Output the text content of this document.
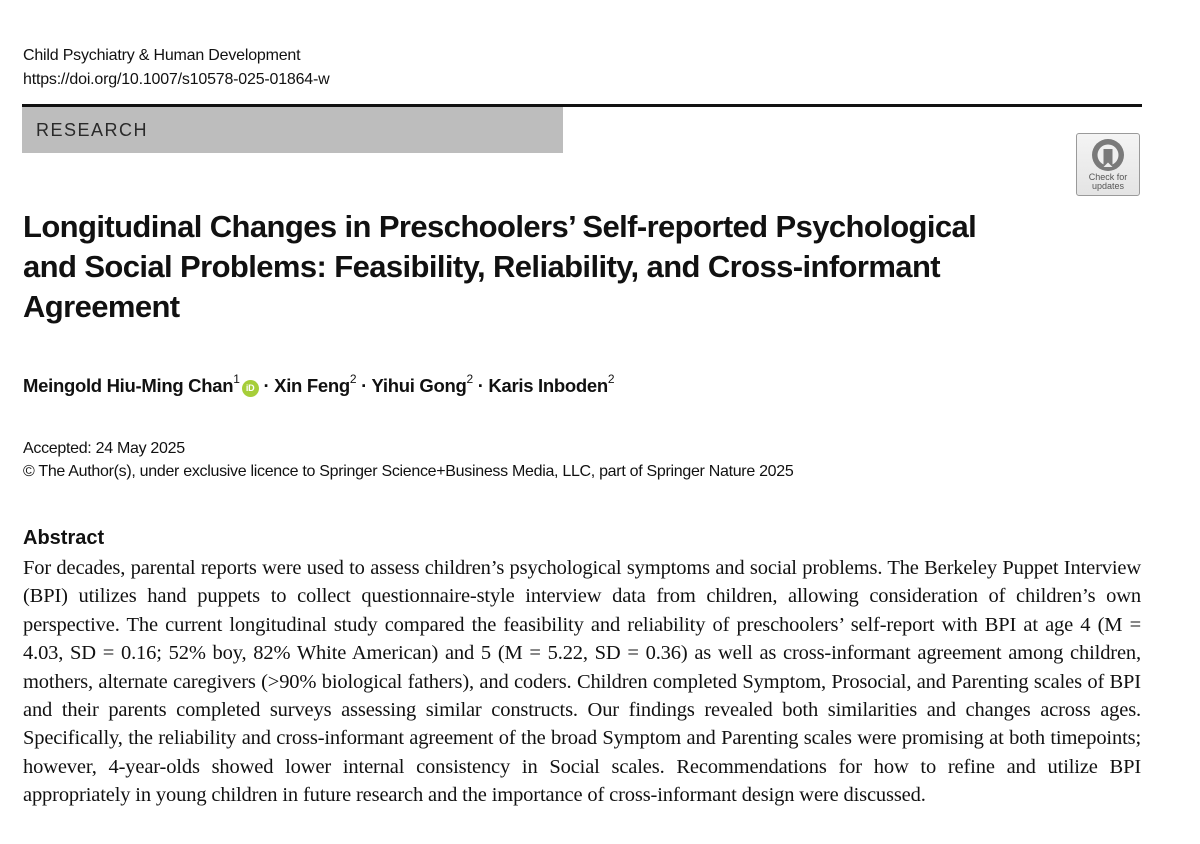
Child Psychiatry & Human Development
https://doi.org/10.1007/s10578-025-01864-w
RESEARCH
Check for
updates
Longitudinal Changes in Preschoolers’ Self-reported Psychological and Social Problems: Feasibility, Reliability, and Cross-informant Agreement
Meingold Hiu-Ming Chan$^1$iD · Xin Feng$^2$ · Yihui Gong$^2$ · Karis Inboden$^2$
Accepted: 24 May 2025
© The Author(s), under exclusive licence to Springer Science+Business Media, LLC, part of Springer Nature 2025
Abstract

For decades, parental reports were used to assess children’s psychological symptoms and social problems. The Berkeley Puppet Interview (BPI) utilizes hand puppets to collect questionnaire-style interview data from children, allowing consideration of children’s own perspective. The current longitudinal study compared the feasibility and reliability of preschoolers’ self-report with BPI at age 4 (M = 4.03, SD = 0.16; 52% boy, 82% White American) and 5 (M = 5.22, SD = 0.36) as well as cross-informant agreement among children, mothers, alternate caregivers (>90% biological fathers), and coders. Children completed Symptom, Prosocial, and Parenting scales of BPI and their parents completed surveys assessing similar constructs. Our findings revealed both similarities and changes across ages. Specifically, the reliability and cross-informant agreement of the broad Symptom and Parenting scales were promising at both timepoints; however, 4-year-olds showed lower internal consistency in Social scales. Recommendations for how to refine and utilize BPI appropriately in young children in future research and the importance of cross-informant design were discussed.
